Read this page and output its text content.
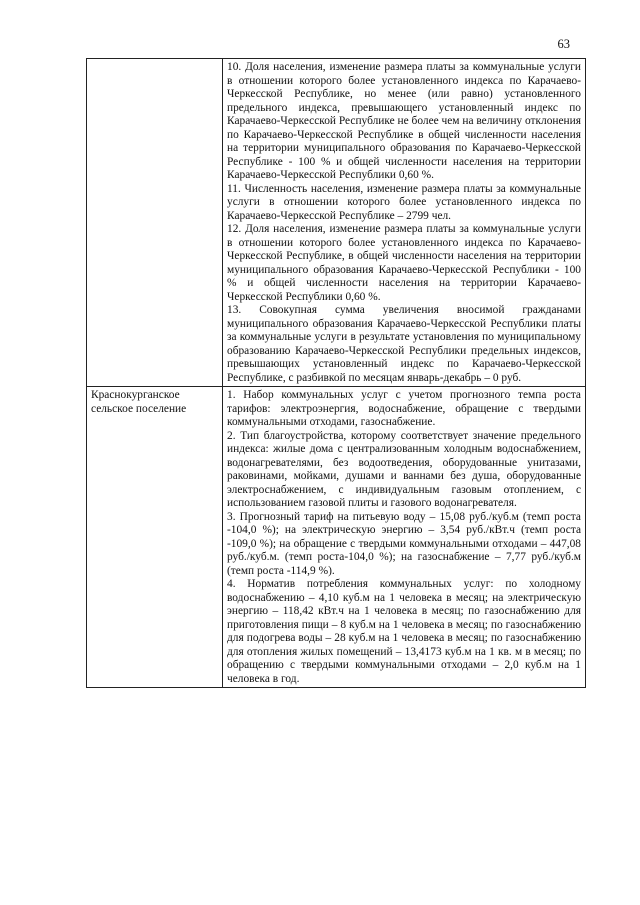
63

	10. Доля населения, изменение размера платы за коммунальные услуги в отношении которого более установленного индекса по Карачаево-Черкесской Республике, но менее (или равно) установленного предельного индекса, превышающего установленный индекс по Карачаево-Черкесской Республике не более чем на величину отклонения по Карачаево-Черкесской Республике в общей численности населения на территории муниципального образования по Карачаево-Черкесской Республике - 100 % и общей численности населения на территории Карачаево-Черкесской Республики 0,60 %.

11. Численность населения, изменение размера платы за коммунальные услуги в отношении которого более установленного индекса по Карачаево-Черкесской Республике – 2799 чел.

12. Доля населения, изменение размера платы за коммунальные услуги в отношении которого более установленного индекса по Карачаево-Черкесской Республике, в общей численности населения на территории муниципального образования Карачаево-Черкесской Республики - 100 % и общей численности населения на территории Карачаево-Черкесской Республики 0,60 %.

13. Совокупная сумма увеличения вносимой гражданами муниципального образования Карачаево-Черкесской Республики платы за коммунальные услуги в результате установления по муниципальному образованию Карачаево-Черкесской Республики предельных индексов, превышающих установленный индекс по Карачаево-Черкесской Республике, с разбивкой по месяцам январь-декабрь – 0 руб.

Краснокурганское сельское поселение	1. Набор коммунальных услуг с учетом прогнозного темпа роста тарифов: электроэнергия, водоснабжение, обращение с твердыми коммунальными отходами, газоснабжение.

2. Тип благоустройства, которому соответствует значение предельного индекса: жилые дома с централизованным холодным водоснабжением, водонагревателями, без водоотведения, оборудованные унитазами, раковинами, мойками, душами и ваннами без душа, оборудованные электроснабжением, с индивидуальным газовым отоплением, с использованием газовой плиты и газового водонагревателя.

3. Прогнозный тариф на питьевую воду – 15,08 руб./куб.м (темп роста -104,0 %); на электрическую энергию – 3,54 руб./кВт.ч (темп роста -109,0 %); на обращение с твердыми коммунальными отходами – 447,08 руб./куб.м. (темп роста-104,0 %); на газоснабжение – 7,77 руб./куб.м (темп роста -114,9 %).

4. Норматив потребления коммунальных услуг: по холодному водоснабжению – 4,10 куб.м на 1 человека в месяц; на электрическую энергию – 118,42 кВт.ч на 1 человека в месяц; по газоснабжению для приготовления пищи – 8 куб.м на 1 человека в месяц; по газоснабжению для подогрева воды – 28 куб.м на 1 человека в месяц; по газоснабжению для отопления жилых помещений – 13,4173 куб.м на 1 кв. м в месяц; по обращению с твердыми коммунальными отходами – 2,0 куб.м на 1 человека в год.
